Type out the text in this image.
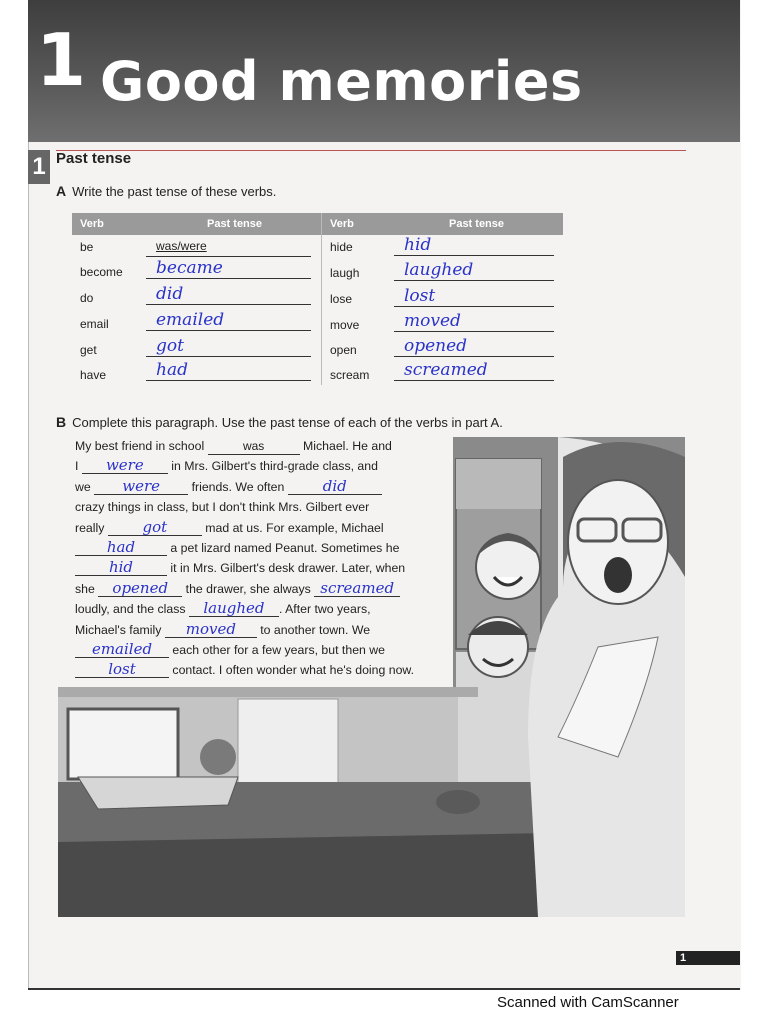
1 Good memories
1 Past tense
A Write the past tense of these verbs.
Verb	Past tense	Verb	Past tense
be	was/were
become	became
do	did
email	emailed
get	got
have	had
hide	hid
laugh	laughed
lose	lost
move	moved
open	opened
scream	screamed
B Complete this paragraph. Use the past tense of each of the verbs in part A.
My best friend in school	was	Michael. He and
I were in Mrs. Gilbert's third-grade class, and
we were	friends. We often	did
crazy things in class, but I don't think Mrs. Gilbert ever
really	got	mad at us. For example, Michael
had	a pet lizard named Peanut. Sometimes he
hid	it in Mrs. Gilbert's desk drawer. Later, when
she opened the drawer, she always screamed
loudly, and the class laughed . After two years,
Michael's family moved to another town. We
emailed each other for a few years, but then we
lost	contact. I often wonder what he's doing now.
1
Scanned with CamScanner
